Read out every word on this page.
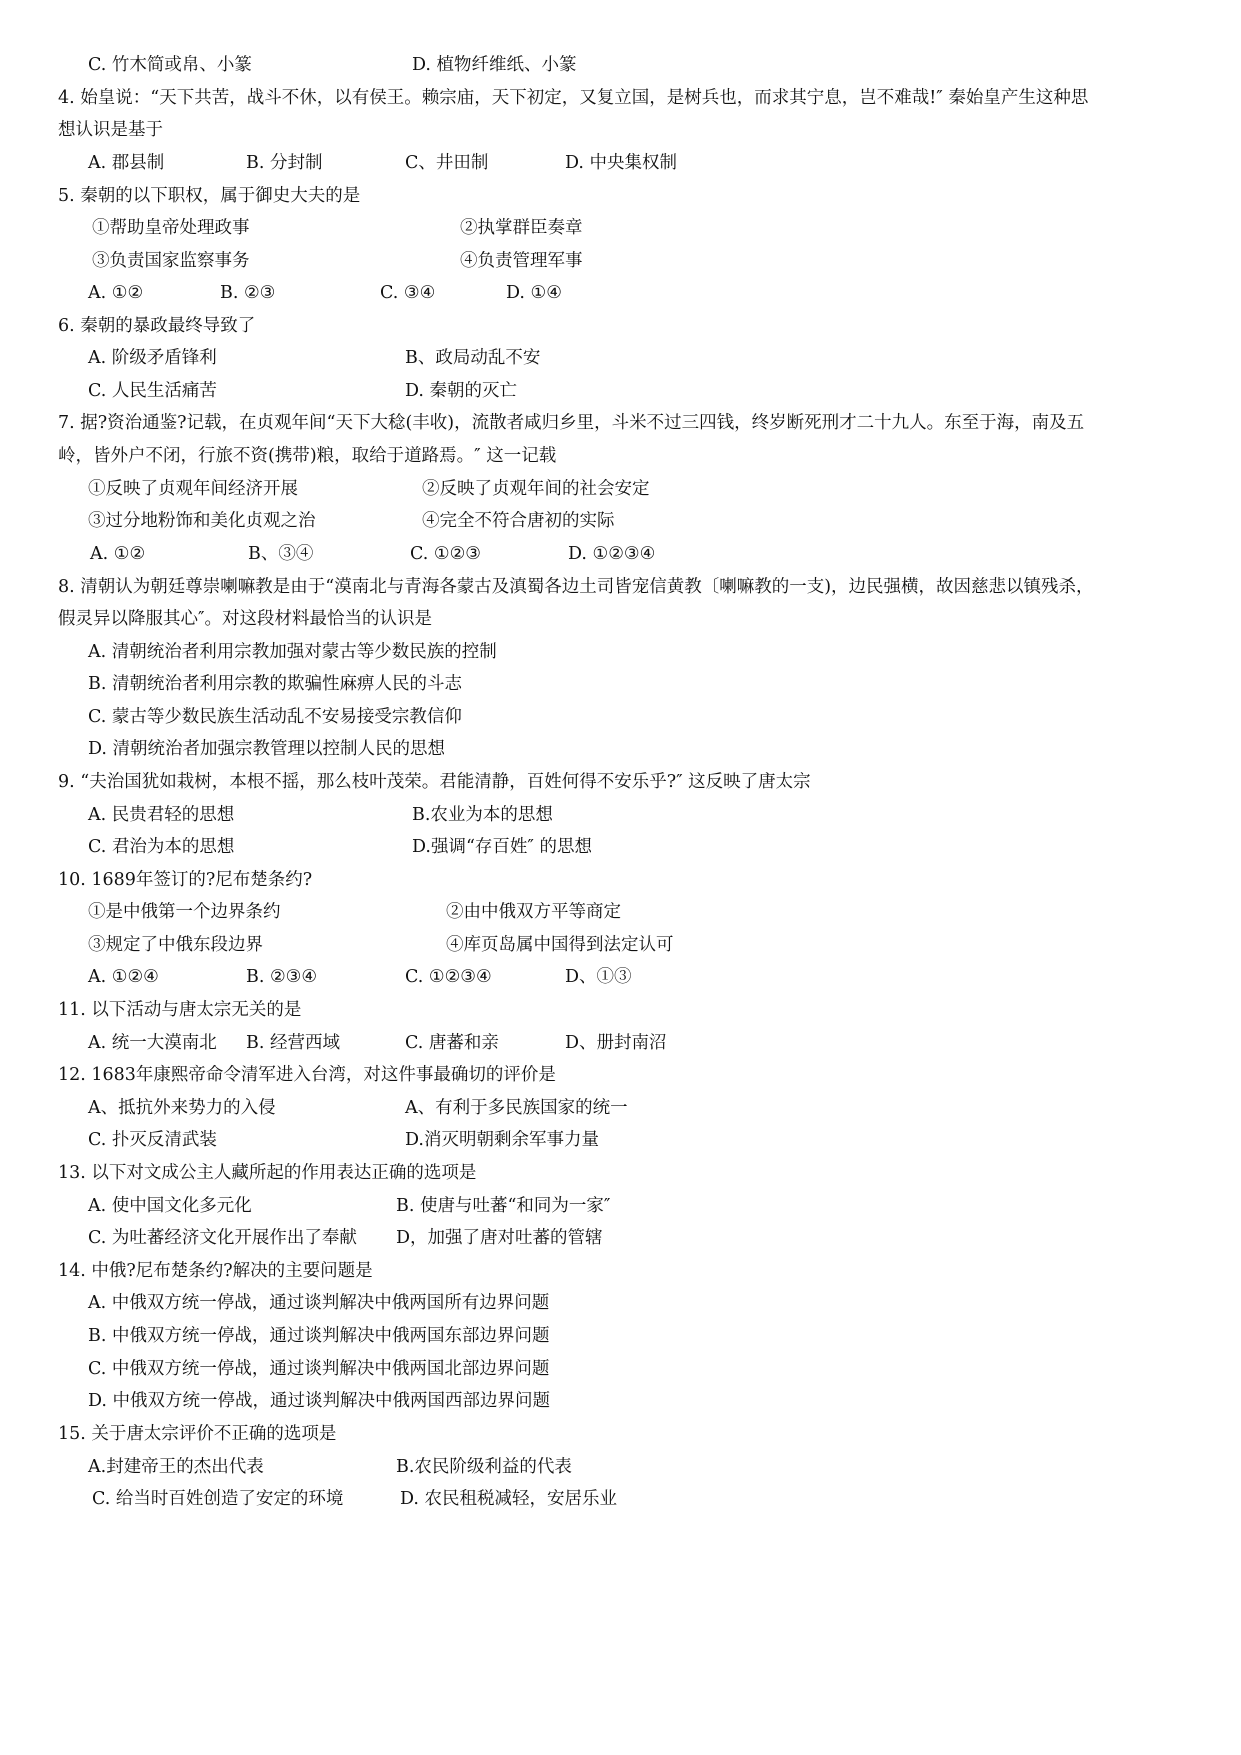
C. 竹木简或帛、小篆	D. 植物纤维纸、小篆
4. 始皇说：“天下共苦，战斗不休，以有侯王。赖宗庙，天下初定，又复立国，是树兵也，而求其宁息，岂不难哉!″ 秦始皇产生这种思
想认识是基于
A. 郡县制	B. 分封制	C、井田制	D. 中央集权制
5. 秦朝的以下职权，属于御史大夫的是
①帮助皇帝处理政事	②执掌群臣奏章
③负责国家监察事务	④负责管理军事
A. ①②	B. ②③	C. ③④	D. ①④
6. 秦朝的暴政最终导致了
A. 阶级矛盾锋利	B、政局动乱不安
C. 人民生活痛苦	D. 秦朝的灭亡
7. 据?资治通鉴?记载，在贞观年间“天下大稔(丰收)，流散者咸归乡里，斗米不过三四钱，终岁断死刑才二十九人。东至于海，南及五
岭，皆外户不闭，行旅不资(携带)粮，取给于道路焉。″ 这一记载
①反映了贞观年间经济开展	②反映了贞观年间的社会安定
③过分地粉饰和美化贞观之治	④完全不符合唐初的实际
A. ①②	B、③④	C. ①②③	D. ①②③④
8. 清朝认为朝廷尊崇喇嘛教是由于“漠南北与青海各蒙古及滇蜀各边土司皆宠信黄教〔喇嘛教的一支)，边民强横，故因慈悲以镇残杀，
假灵异以降服其心″。对这段材料最恰当的认识是
A. 清朝统治者利用宗教加强对蒙古等少数民族的控制
B. 清朝统治者利用宗教的欺骗性麻痹人民的斗志
C. 蒙古等少数民族生活动乱不安易接受宗教信仰
D. 清朝统治者加强宗教管理以控制人民的思想
9. “夫治国犹如栽树，本根不摇，那么枝叶茂荣。君能清静，百姓何得不安乐乎?″ 这反映了唐太宗
A. 民贵君轻的思想	B.农业为本的思想
C. 君治为本的思想	D.强调“存百姓″ 的思想
10. 1689年签订的?尼布楚条约?
①是中俄第一个边界条约	②由中俄双方平等商定
③规定了中俄东段边界	④库页岛属中国得到法定认可
A. ①②④	B. ②③④	C. ①②③④	D、①③
11. 以下活动与唐太宗无关的是
A. 统一大漠南北 B. 经营西域	C. 唐蕃和亲	D、册封南沼
12. 1683年康熙帝命令清军进入台湾，对这件事最确切的评价是
A、抵抗外来势力的入侵	A、有利于多民族国家的统一
C. 扑灭反清武装	D.消灭明朝剩余军事力量
13. 以下对文成公主人藏所起的作用表达正确的选项是
A. 使中国文化多元化	B. 使唐与吐蕃“和同为一家″
C. 为吐蕃经济文化开展作出了奉献 D，加强了唐对吐蕃的管辖
14. 中俄?尼布楚条约?解决的主要问题是
A. 中俄双方统一停战，通过谈判解决中俄两国所有边界问题
B. 中俄双方统一停战，通过谈判解决中俄两国东部边界问题
C. 中俄双方统一停战，通过谈判解决中俄两国北部边界问题
D. 中俄双方统一停战，通过谈判解决中俄两国西部边界问题
15. 关于唐太宗评价不正确的选项是
A.封建帝王的杰出代表	B.农民阶级利益的代表
C. 给当时百姓创造了安定的环境	D. 农民租税减轻，安居乐业
